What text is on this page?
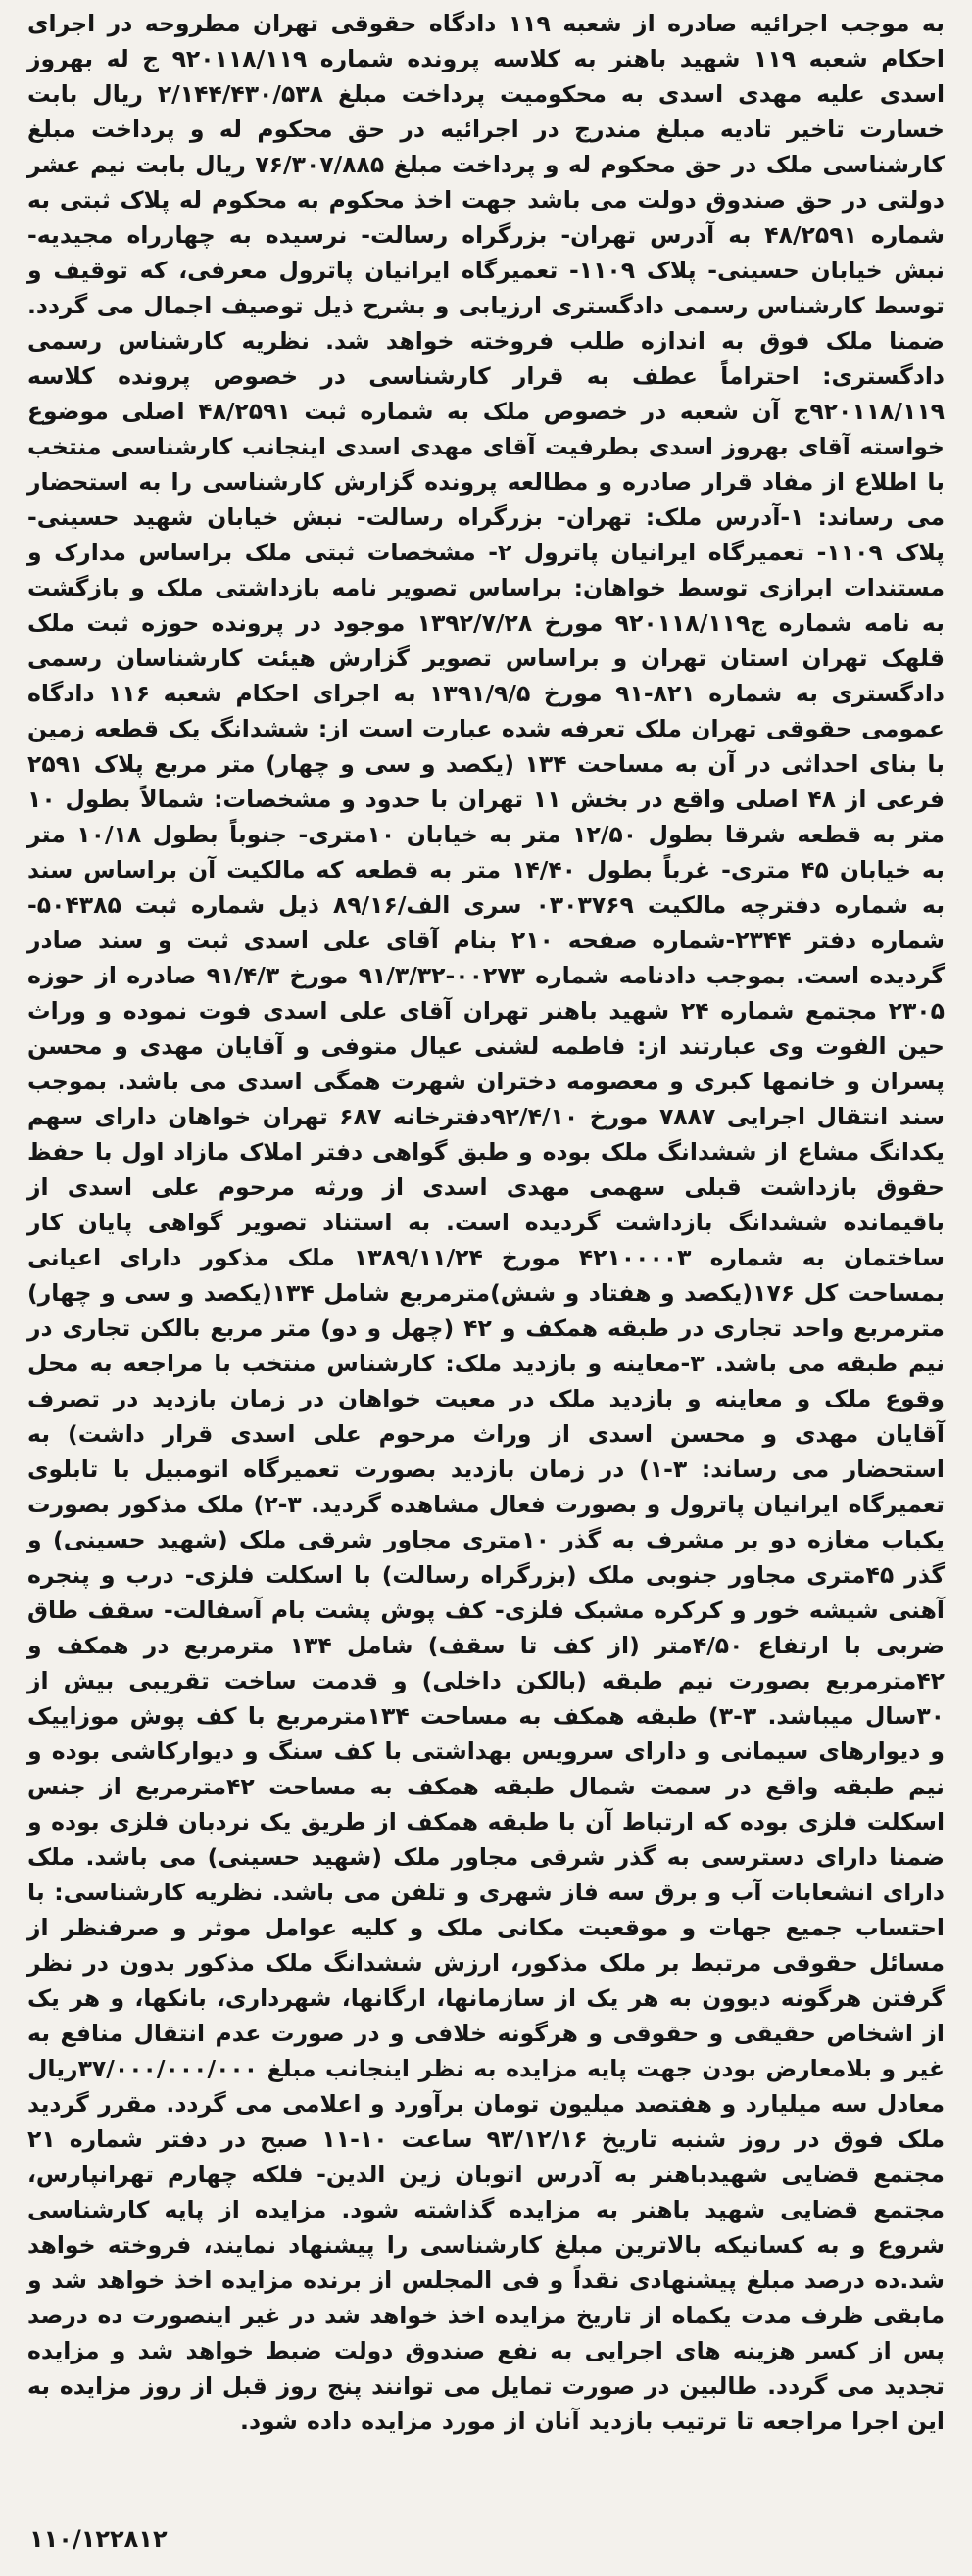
به موجب اجرائیه صادره از شعبه ۱۱۹ دادگاه حقوقی تهران مطروحه در اجرای احکام شعبه ۱۱۹ شهید باهنر به کلاسه پرونده شماره ۹۲۰۱۱۸/۱۱۹ ج له بهروز اسدی علیه مهدی اسدی به محکومیت پرداخت مبلغ ۲/۱۴۴/۴۳۰/۵۳۸ ریال بابت خسارت تاخیر تادیه مبلغ مندرج در اجرائیه در حق محکوم له و پرداخت مبلغ کارشناسی ملک در حق محکوم له و پرداخت مبلغ ۷۶/۳۰۷/۸۸۵ ریال بابت نیم عشر دولتی در حق صندوق دولت می باشد جهت اخذ محکوم به محکوم له پلاک ثبتی به شماره ۴۸/۲۵۹۱ به آدرس تهران- بزرگراه رسالت- نرسیده به چهارراه مجیدیه- نبش خیابان حسینی- پلاک ۱۱۰۹- تعمیرگاه ایرانیان پاترول معرفی، که توقیف و توسط کارشناس رسمی دادگستری ارزیابی و بشرح ذیل توصیف اجمال می گردد. ضمنا ملک فوق به اندازه طلب فروخته خواهد شد. نظریه کارشناس رسمی دادگستری: احتراماً عطف به قرار کارشناسی در خصوص پرونده کلاسه ۹۲۰۱۱۸/۱۱۹ج آن شعبه در خصوص ملک به شماره ثبت ۴۸/۲۵۹۱ اصلی موضوع خواسته آقای بهروز اسدی بطرفیت آقای مهدی اسدی اینجانب کارشناسی منتخب با اطلاع از مفاد قرار صادره و مطالعه پرونده گزارش کارشناسی را به استحضار می رساند: ۱-آدرس ملک: تهران- بزرگراه رسالت- نبش خیابان شهید حسینی- پلاک ۱۱۰۹- تعمیرگاه ایرانیان پاترول ۲- مشخصات ثبتی ملک براساس مدارک و مستندات ابرازی توسط خواهان: براساس تصویر نامه بازداشتی ملک و بازگشت به نامه شماره ج۹۲۰۱۱۸/۱۱۹ مورخ ۱۳۹۲/۷/۲۸ موجود در پرونده حوزه ثبت ملک قلهک تهران استان تهران و براساس تصویر گزارش هیئت کارشناسان رسمی دادگستری به شماره ۸۲۱-۹۱ مورخ ۱۳۹۱/۹/۵ به اجرای احکام شعبه ۱۱۶ دادگاه عمومی حقوقی تهران ملک تعرفه شده عبارت است از: ششدانگ یک قطعه زمین با بنای احداثی در آن به مساحت ۱۳۴ (یکصد و سی و چهار) متر مربع پلاک ۲۵۹۱ فرعی از ۴۸ اصلی واقع در بخش ۱۱ تهران با حدود و مشخصات: شمالاً بطول ۱۰ متر به قطعه شرقا بطول ۱۲/۵۰ متر به خیابان ۱۰متری- جنوباً بطول ۱۰/۱۸ متر به خیابان ۴۵ متری- غرباً بطول ۱۴/۴۰ متر به قطعه که مالکیت آن براساس سند به شماره دفترچه مالکیت ۰۳۰۳۷۶۹ سری الف/۸۹/۱۶ ذیل شماره ثبت ۵۰۴۳۸۵-شماره دفتر ۲۳۴۴-شماره صفحه ۲۱۰ بنام آقای علی اسدی ثبت و سند صادر گردیده است. بموجب دادنامه شماره ۰۰۲۷۳-۹۱/۳/۳۲ مورخ ۹۱/۴/۳ صادره از حوزه ۲۳۰۵ مجتمع شماره ۲۴ شهید باهنر تهران آقای علی اسدی فوت نموده و وراث حین الفوت وی عبارتند از: فاطمه لشنی عیال متوفی و آقایان مهدی و محسن پسران و خانمها کبری و معصومه دختران شهرت همگی اسدی می باشد. بموجب سند انتقال اجرایی ۷۸۸۷ مورخ ۹۲/۴/۱۰دفترخانه ۶۸۷ تهران خواهان دارای سهم یکدانگ مشاع از ششدانگ ملک بوده و طبق گواهی دفتر املاک مازاد اول با حفظ حقوق بازداشت قبلی سهمی مهدی اسدی از ورثه مرحوم علی اسدی از باقیمانده ششدانگ بازداشت گردیده است. به استناد تصویر گواهی پایان کار ساختمان به شماره ۴۲۱۰۰۰۰۳ مورخ ۱۳۸۹/۱۱/۲۴ ملک مذکور دارای اعیانی بمساحت کل ۱۷۶(یکصد و هفتاد و شش)مترمربع شامل ۱۳۴(یکصد و سی و چهار) مترمربع واحد تجاری در طبقه همکف و ۴۲ (چهل و دو) متر مربع بالکن تجاری در نیم طبقه می باشد. ۳-معاینه و بازدید ملک: کارشناس منتخب با مراجعه به محل وقوع ملک و معاینه و بازدید ملک در معیت خواهان در زمان بازدید در تصرف آقایان مهدی و محسن اسدی از وراث مرحوم علی اسدی قرار داشت) به استحضار می رساند: ۳-۱) در زمان بازدید بصورت تعمیرگاه اتومبیل با تابلوی تعمیرگاه ایرانیان پاترول و بصورت فعال مشاهده گردید. ۳-۲) ملک مذکور بصورت یکباب مغازه دو بر مشرف به گذر ۱۰متری مجاور شرقی ملک (شهید حسینی) و گذر ۴۵متری مجاور جنوبی ملک (بزرگراه رسالت) با اسکلت فلزی- درب و پنجره آهنی شیشه خور و کرکره مشبک فلزی- کف پوش پشت بام آسفالت- سقف طاق ضربی با ارتفاع ۴/۵۰متر (از کف تا سقف) شامل ۱۳۴ مترمربع در همکف و ۴۲مترمربع بصورت نیم طبقه (بالکن داخلی) و قدمت ساخت تقریبی بیش از ۳۰سال میباشد. ۳-۳) طبقه همکف به مساحت ۱۳۴مترمربع با کف پوش موزاییک و دیوارهای سیمانی و دارای سرویس بهداشتی با کف سنگ و دیوارکاشی بوده و نیم طبقه واقع در سمت شمال طبقه همکف به مساحت ۴۲مترمربع از جنس اسکلت فلزی بوده که ارتباط آن با طبقه همکف از طریق یک نردبان فلزی بوده و ضمنا دارای دسترسی به گذر شرقی مجاور ملک (شهید حسینی) می باشد. ملک دارای انشعابات آب و برق سه فاز شهری و تلفن می باشد. نظریه کارشناسی: با احتساب جمیع جهات و موقعیت مکانی ملک و کلیه عوامل موثر و صرفنظر از مسائل حقوقی مرتبط بر ملک مذکور، ارزش ششدانگ ملک مذکور بدون در نظر گرفتن هرگونه دیوون به هر یک از سازمانها، ارگانها، شهرداری، بانکها، و هر یک از اشخاص حقیقی و حقوقی و هرگونه خلافی و در صورت عدم انتقال منافع به غیر و بلامعارض بودن جهت پایه مزایده به نظر اینجانب مبلغ ۳۷/۰۰۰/۰۰۰/۰۰۰ریال معادل سه میلیارد و هفتصد میلیون تومان برآورد و اعلامی می گردد. مقرر گردید ملک فوق در روز شنبه تاریخ ۹۳/۱۲/۱۶ ساعت ۱۰-۱۱ صبح در دفتر شماره ۲۱ مجتمع قضایی شهیدباهنر به آدرس اتوبان زین الدین- فلکه چهارم تهرانپارس، مجتمع قضایی شهید باهنر به مزایده گذاشته شود. مزایده از پایه کارشناسی شروع و به کسانیکه بالاترین مبلغ کارشناسی را پیشنهاد نمایند، فروخته خواهد شد.ده درصد مبلغ پیشنهادی نقداً و فی المجلس از برنده مزایده اخذ خواهد شد و مابقی ظرف مدت یکماه از تاریخ مزایده اخذ خواهد شد در غیر اینصورت ده درصد پس از کسر هزینه های اجرایی به نفع صندوق دولت ضبط خواهد شد و مزایده تجدید می گردد. طالبین در صورت تمایل می توانند پنج روز قبل از روز مزایده به این اجرا مراجعه تا ترتیب بازدید آنان از مورد مزایده داده شود.

۱۱۰/۱۲۲۸۱۲
